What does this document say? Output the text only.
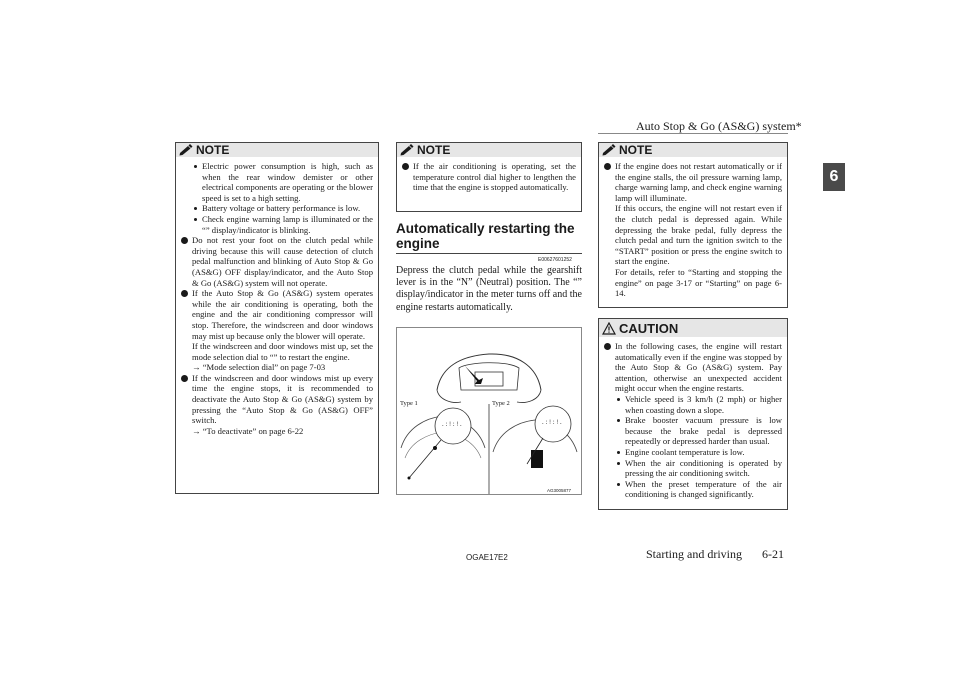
Auto Stop & Go (AS&G) system*
6
NOTE
Electric power consumption is high, such as when the rear window demister or other electrical components are operating or the blower speed is set to a high setting.
Battery voltage or battery performance is low.
Check engine warning lamp is illuminated or the “” display/indicator is blinking.
Do not rest your foot on the clutch pedal while driving because this will cause detection of clutch pedal malfunction and blinking of Auto Stop & Go (AS&G) OFF display/indicator, and the Auto Stop & Go (AS&G) system will not operate.

If the Auto Stop & Go (AS&G) system operates while the air conditioning is operating, both the engine and the air conditioning compressor will stop. Therefore, the windscreen and door windows may mist up because only the blower will operate.

If the windscreen and door windows mist up, set the mode selection dial to “” to restart the engine.

→ “Mode selection dial” on page 7-03

If the windscreen and door windows mist up every time the engine stops, it is recommended to deactivate the Auto Stop & Go (AS&G) system by pressing the “Auto Stop & Go (AS&G) OFF” switch.

→ “To deactivate” on page 6-22

NOTE
If the air conditioning is operating, set the temperature control dial higher to lengthen the time that the engine is stopped automatically.
Automatically restarting the engine
E00627601252
Depress the clutch pedal while the gearshift lever is in the “N” (Neutral) position. The “” display/indicator in the meter turns off and the engine restarts automatically.
.:!:!.	.:!:!.
Type 1	Type 2
AG3005877
NOTE

If the engine does not restart automatically or if the engine stalls, the oil pressure warning lamp, charge warning lamp, and check engine warning lamp will illuminate.

If this occurs, the engine will not restart even if the clutch pedal is depressed again. While depressing the brake pedal, fully depress the clutch pedal and turn the ignition switch to the “START” position or press the engine switch to start the engine.

For details, refer to “Starting and stopping the engine” on page 3-17 or “Starting” on page 6-14.

CAUTION

In the following cases, the engine will restart automatically even if the engine was stopped by the Auto Stop & Go (AS&G) system. Pay attention, otherwise an unexpected accident might occur when the engine restarts.

Vehicle speed is 3 km/h (2 mph) or higher when coasting down a slope.
Brake booster vacuum pressure is low because the brake pedal is depressed repeatedly or depressed harder than usual.
Engine coolant temperature is low.
When the air conditioning is operated by pressing the air conditioning switch.
When the preset temperature of the air conditioning is changed significantly.
OGAE17E2	Starting and driving 6-21
